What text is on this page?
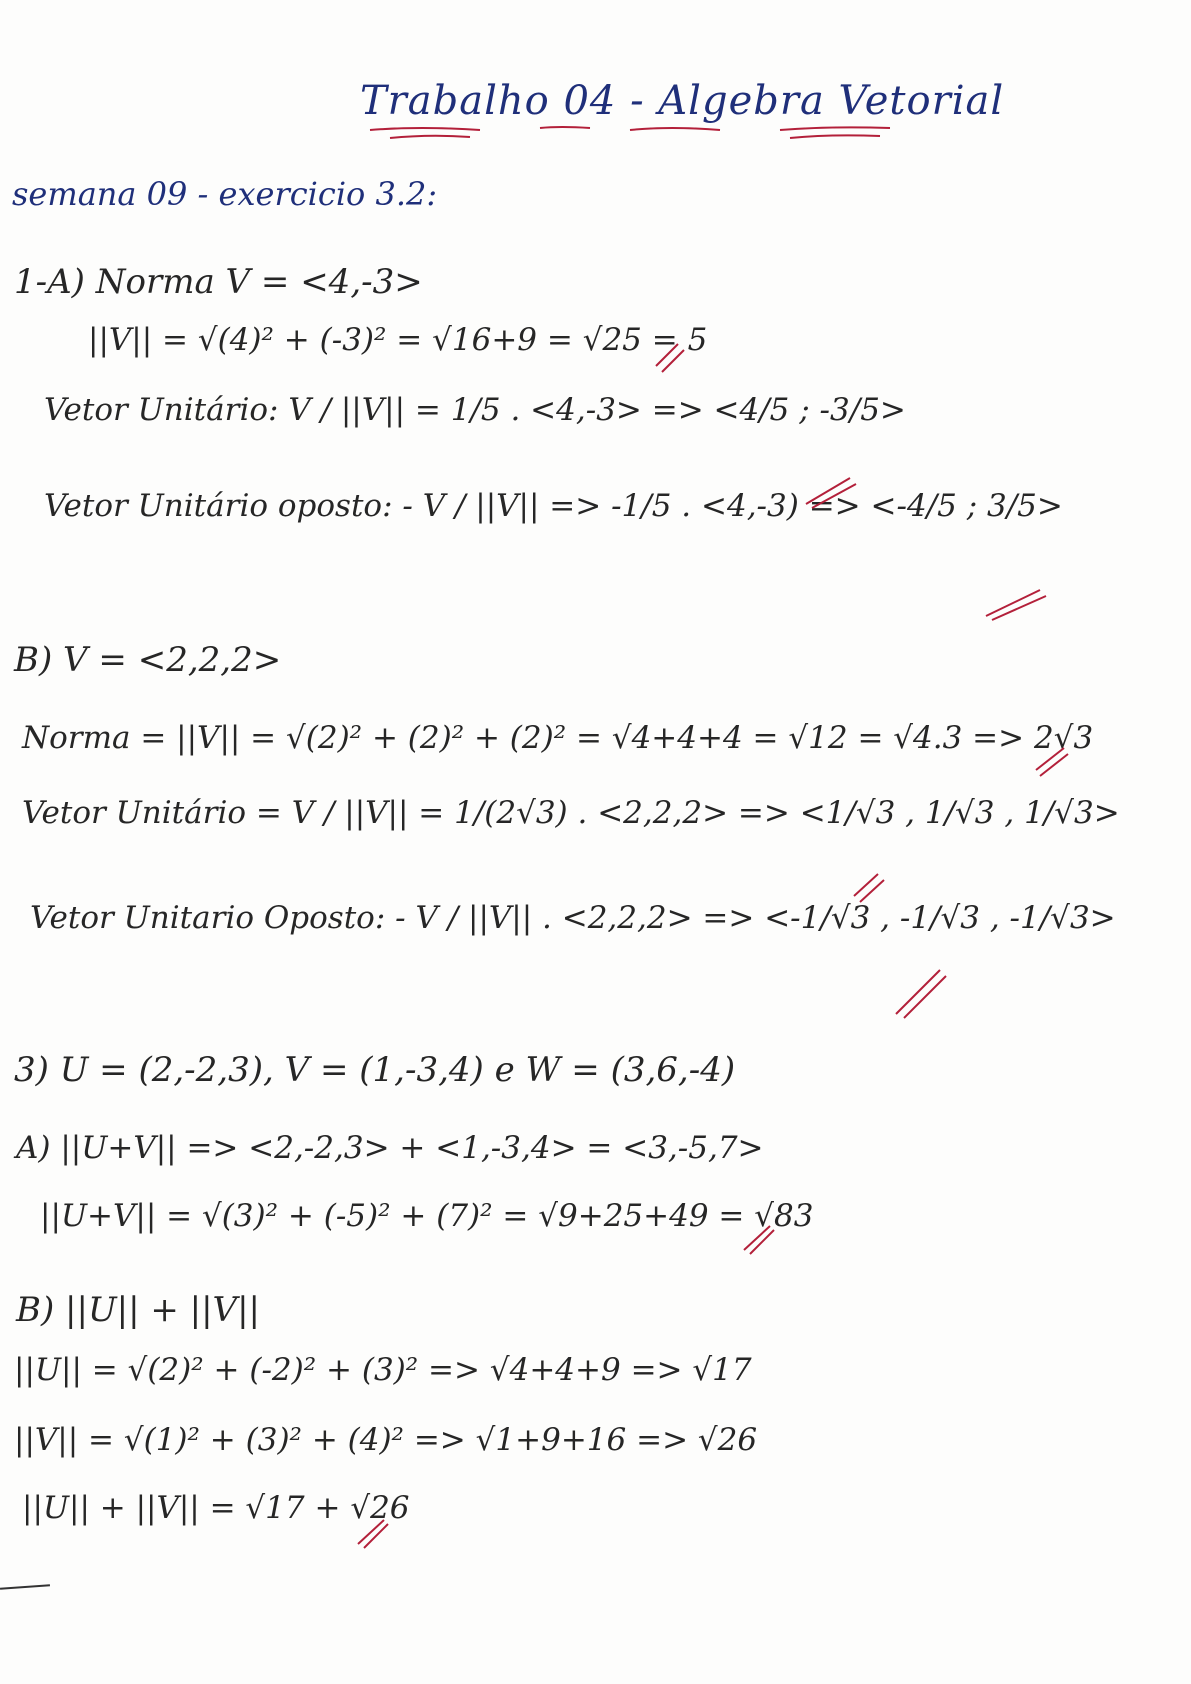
Trabalho 04 - Algebra Vetorial
semana 09 - exercicio 3.2:
1-A) Norma V = <4,-3>
||V|| = √(4)² + (-3)² = √16+9 = √25 = 5
Vetor Unitário: V / ||V|| = 1/5 . <4,-3> => <4/5 ; -3/5>
Vetor Unitário oposto: - V / ||V|| => -1/5 . <4,-3) => <-4/5 ; 3/5>
B) V = <2,2,2>
Norma = ||V|| = √(2)² + (2)² + (2)² = √4+4+4 = √12 = √4.3 => 2√3
Vetor Unitário = V / ||V|| = 1/(2√3) . <2,2,2> => <1/√3 , 1/√3 , 1/√3>
Vetor Unitario Oposto: - V / ||V|| . <2,2,2> => <-1/√3 , -1/√3 , -1/√3>
3) U = (2,-2,3), V = (1,-3,4) e W = (3,6,-4)
A) ||U+V|| => <2,-2,3> + <1,-3,4> = <3,-5,7>
||U+V|| = √(3)² + (-5)² + (7)² = √9+25+49 = √83
B) ||U|| + ||V||
||U|| = √(2)² + (-2)² + (3)² => √4+4+9 => √17
||V|| = √(1)² + (3)² + (4)² => √1+9+16 => √26
||U|| + ||V|| = √17 + √26
